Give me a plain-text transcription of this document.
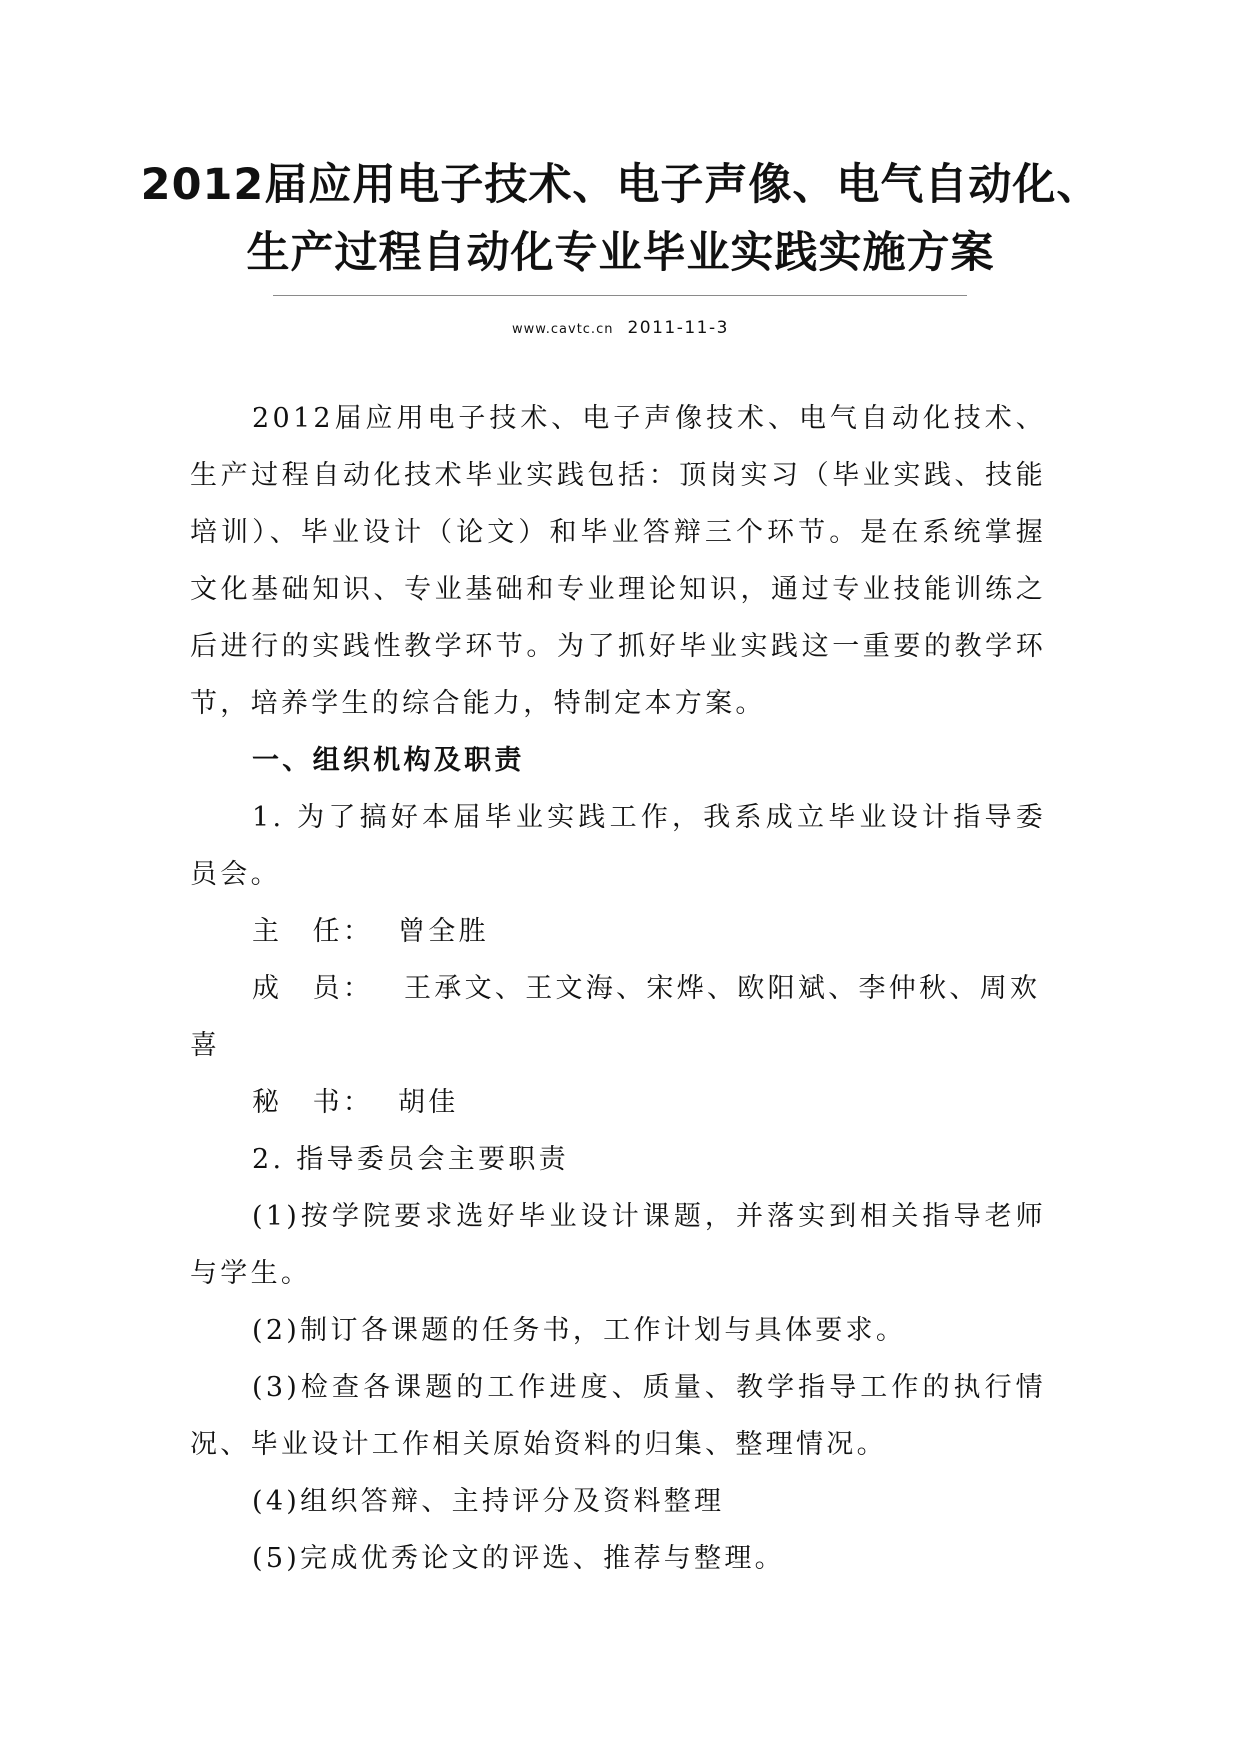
2012届应用电子技术、电子声像、电气自动化、
生产过程自动化专业毕业实践实施方案
www.cavtc.cn 2011-11-3

2012届应用电子技术、电子声像技术、电气自动化技术、生产过程自动化技术毕业实践包括：顶岗实习（毕业实践、技能培训）、毕业设计（论文）和毕业答辩三个环节。是在系统掌握文化基础知识、专业基础和专业理论知识，通过专业技能训练之后进行的实践性教学环节。为了抓好毕业实践这一重要的教学环节，培养学生的综合能力，特制定本方案。

一、组织机构及职责

1. 为了搞好本届毕业实践工作，我系成立毕业设计指导委员会。

主　任： 曾全胜

成　员： 王承文、王文海、宋烨、欧阳斌、李仲秋、周欢

喜

秘　书： 胡佳

2. 指导委员会主要职责

(1)按学院要求选好毕业设计课题，并落实到相关指导老师与学生。

(2)制订各课题的任务书，工作计划与具体要求。

(3)检查各课题的工作进度、质量、教学指导工作的执行情况、毕业设计工作相关原始资料的归集、整理情况。

(4)组织答辩、主持评分及资料整理

(5)完成优秀论文的评选、推荐与整理。
